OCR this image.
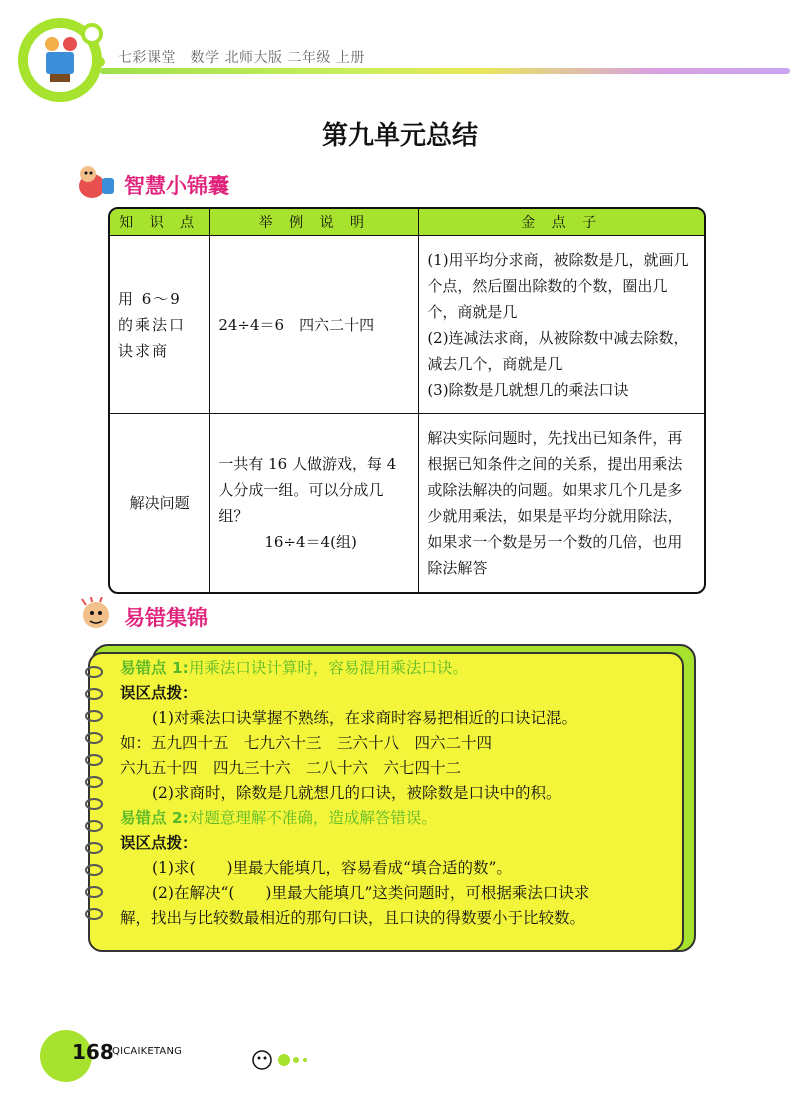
七彩课堂　数学 北师大版 二年级 上册
第九单元总结
智慧小锦囊
知 识 点	举 例 说 明	金 点 子
用 6～9 的乘法口诀求商	24÷4＝6　四六二十四	(1)用平均分求商，被除数是几，就画几个点，然后圈出除数的个数，圈出几个，商就是几
(2)连减法求商，从被除数中减去除数，减去几个，商就是几
(3)除数是几就想几的乘法口诀

解决问题	一共有 16 人做游戏，每 4 人分成一组。可以分成几组？
16÷4＝4(组)	解决实际问题时，先找出已知条件，再根据已知条件之间的关系，提出用乘法或除法解决的问题。如果求几个几是多少就用乘法，如果是平均分就用除法，如果求一个数是另一个数的几倍，也用除法解答
易错集锦
易错点 1:用乘法口诀计算时，容易混用乘法口诀。
误区点拨：
(1)对乘法口诀掌握不熟练，在求商时容易把相近的口诀记混。
如：五九四十五　七九六十三　三六十八　四六二十四
六九五十四　四九三十六　二八十六　六七四十二
(2)求商时，除数是几就想几的口诀，被除数是口诀中的积。
易错点 2:对题意理解不准确，造成解答错误。
误区点拨：
(1)求(　　)里最大能填几，容易看成“填合适的数”。
(2)在解决“(　　)里最大能填几”这类问题时，可根据乘法口诀求
解，找出与比较数最相近的那句口诀，且口诀的得数要小于比较数。
168
QICAIKETANG
